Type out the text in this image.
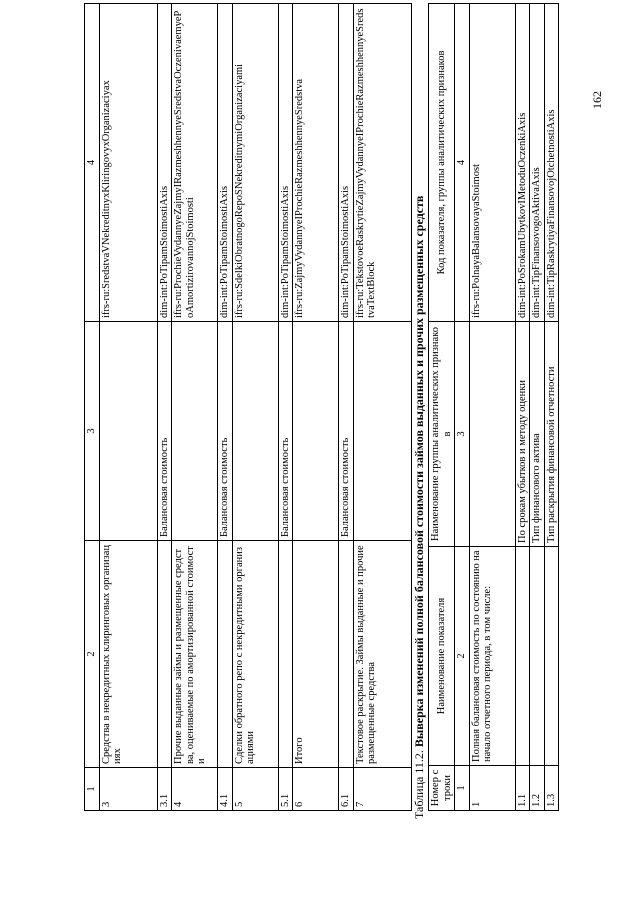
1	2	3	4
3	Средства в некредитных клиринговых организациях		ifrs-ru:SredstvaVNekreditnyxKliringovyxOrganizaciyax
3.1		Балансовая стоимость	dim-int:PoTipamStoimostiAxis
4	Прочие выданные займы и размещенные средства, оцениваемые по амортизированной стоимости		ifrs-ru:ProchieVydannyeZajmyIRazmeshhennyeSredstvaOczenivaemyePoAmortizirovannojStoimosti
4.1		Балансовая стоимость	dim-int:PoTipamStoimostiAxis
5	Сделки обратного репо с некредитными организациями		ifrs-ru:SdelkiObratnogoRepoSNekreditnymiOrganizaciyami
5.1		Балансовая стоимость	dim-int:PoTipamStoimostiAxis
6	Итого		ifrs-ru:ZajmyVydannyeIProchieRazmeshhennyeSredstva
6.1		Балансовая стоимость	dim-int:PoTipamStoimostiAxis
7	Текстовое раскрытие. Займы выданные и прочие размещенные средства		ifrs-ru:TekstovoeRaskrytieZajmyVydannyeIProchieRazmeshhennyeSredstvaTextBlock
Таблица 11.2. Выверка изменений полной балансовой стоимости займов выданных и прочих размещенных средств
Номер строки	Наименование показателя	Наименование группы аналитических признаков	Код показателя, группы аналитических признаков
1	2	3	4
1	Полная балансовая стоимость по состоянию на начало отчетного периода, в том числе:		ifrs-ru:PolnayaBalansovayaStoimost
1.1		По срокам убытков и методу оценки	dim-int:PoSrokamUbytkovIMetoduOczenkiAxis
1.2		Тип финансового актива	dim-int:TipFinansovogoAktivaAxis
1.3		Тип раскрытия финансовой отчетности	dim-int:TipRaskrytiyaFinansovojOtchetnostiAxis
162
